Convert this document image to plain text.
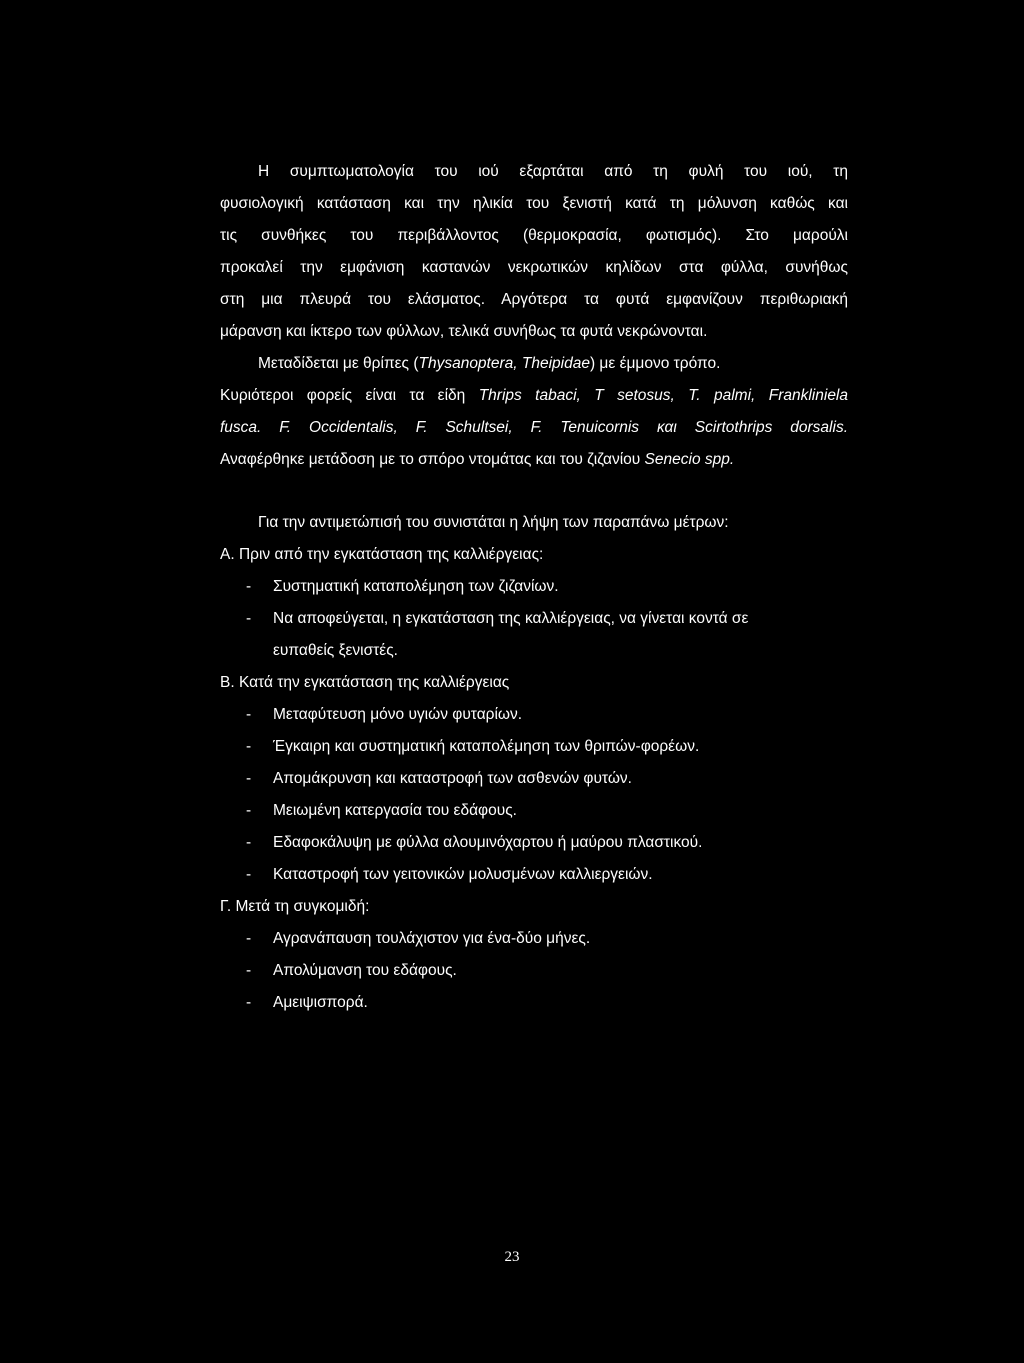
Η συμπτωματολογία του ιού εξαρτάται από τη φυλή του ιού, τη
φυσιολογική κατάσταση και την ηλικία του ξενιστή κατά τη μόλυνση καθώς και
τις συνθήκες του περιβάλλοντος (θερμοκρασία, φωτισμός). Στο μαρούλι
προκαλεί την εμφάνιση καστανών νεκρωτικών κηλίδων στα φύλλα, συνήθως
στη μια πλευρά του ελάσματος. Αργότερα τα φυτά εμφανίζουν περιθωριακή
μάρανση και ίκτερο των φύλλων, τελικά συνήθως τα φυτά νεκρώνονται.
Μεταδίδεται με θρίπες (Thysanoptera, Theipidae) με έμμονο τρόπο.
Κυριότεροι φορείς είναι τα είδη Thrips tabaci, T setosus, T. palmi, Frankliniela
fusca. F. Occidentalis, F. Schultsei, F. Tenuicornis και Scirtothrips dorsalis.
Αναφέρθηκε μετάδοση με το σπόρο ντομάτας και του ζιζανίου Senecio spp.
Για την αντιμετώπισή του συνιστάται η λήψη των παραπάνω μέτρων:
Α. Πριν από την εγκατάσταση της καλλιέργειας:
- Συστηματική καταπολέμηση των ζιζανίων.
- Να αποφεύγεται, η εγκατάσταση της καλλιέργειας, να γίνεται κοντά σε
ευπαθείς ξενιστές.
Β. Κατά την εγκατάσταση της καλλιέργειας
- Μεταφύτευση μόνο υγιών φυταρίων.
- Έγκαιρη και συστηματική καταπολέμηση των θριπών-φορέων.
- Απομάκρυνση και καταστροφή των ασθενών φυτών.
- Μειωμένη κατεργασία του εδάφους.
- Εδαφοκάλυψη με φύλλα αλουμινόχαρτου ή μαύρου πλαστικού.
- Καταστροφή των γειτονικών μολυσμένων καλλιεργειών.
Γ. Μετά τη συγκομιδή:
- Αγρανάπαυση τουλάχιστον για ένα-δύο μήνες.
- Απολύμανση του εδάφους.
- Αμειψισπορά.
23
